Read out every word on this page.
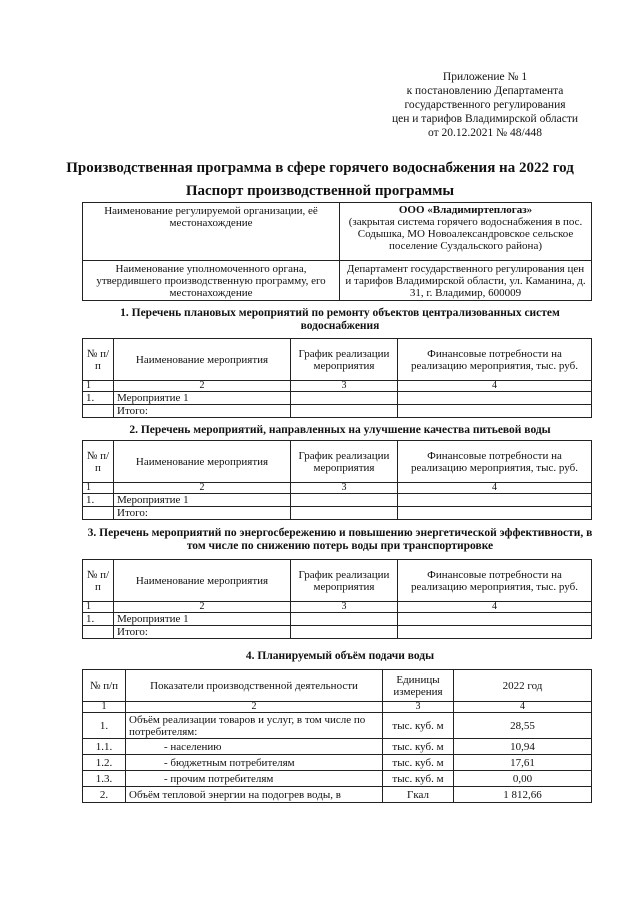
Приложение № 1
к постановлению Департамента
государственного регулирования
цен и тарифов Владимирской области
от 20.12.2021 № 48/448
Производственная программа в сфере горячего водоснабжения на 2022 год
Паспорт производственной программы
Наименование регулируемой организации, её местонахождение	ООО «Владимиртеплогаз»
(закрытая система горячего водоснабжения в пос. Содышка, МО Новоалександровское сельское поселение Суздальского района)

Наименование уполномоченного органа, утвердившего производственную программу, его местонахождение	Департамент государственного регулирования цен и тарифов Владимирской области, ул. Каманина, д. 31, г. Владимир, 600009
1. Перечень плановых мероприятий по ремонту объектов централизованных систем водоснабжения
№ п/п	Наименование мероприятия	График реализации мероприятия	Финансовые потребности на реализацию мероприятия, тыс. руб.
1	2	3	4
1.	Мероприятие 1		
	Итого:		
2. Перечень мероприятий, направленных на улучшение качества питьевой воды
№ п/п	Наименование мероприятия	График реализации мероприятия	Финансовые потребности на реализацию мероприятия, тыс. руб.
1	2	3	4
1.	Мероприятие 1		
	Итого:		
3. Перечень мероприятий по энергосбережению и повышению энергетической эффективности, в том числе по снижению потерь воды при транспортировке
№ п/п	Наименование мероприятия	График реализации мероприятия	Финансовые потребности на реализацию мероприятия, тыс. руб.
1	2	3	4
1.	Мероприятие 1		
	Итого:		
4. Планируемый объём подачи воды
№ п/п	Показатели производственной деятельности	Единицы измерения	2022 год
1	2	3	4
1.	Объём реализации товаров и услуг, в том числе по потребителям:	тыс. куб. м	28,55
1.1.	- населению	тыс. куб. м	10,94
1.2.	- бюджетным потребителям	тыс. куб. м	17,61
1.3.	- прочим потребителям	тыс. куб. м	0,00
2.	Объём тепловой энергии на подогрев воды, в	Гкал	1 812,66
